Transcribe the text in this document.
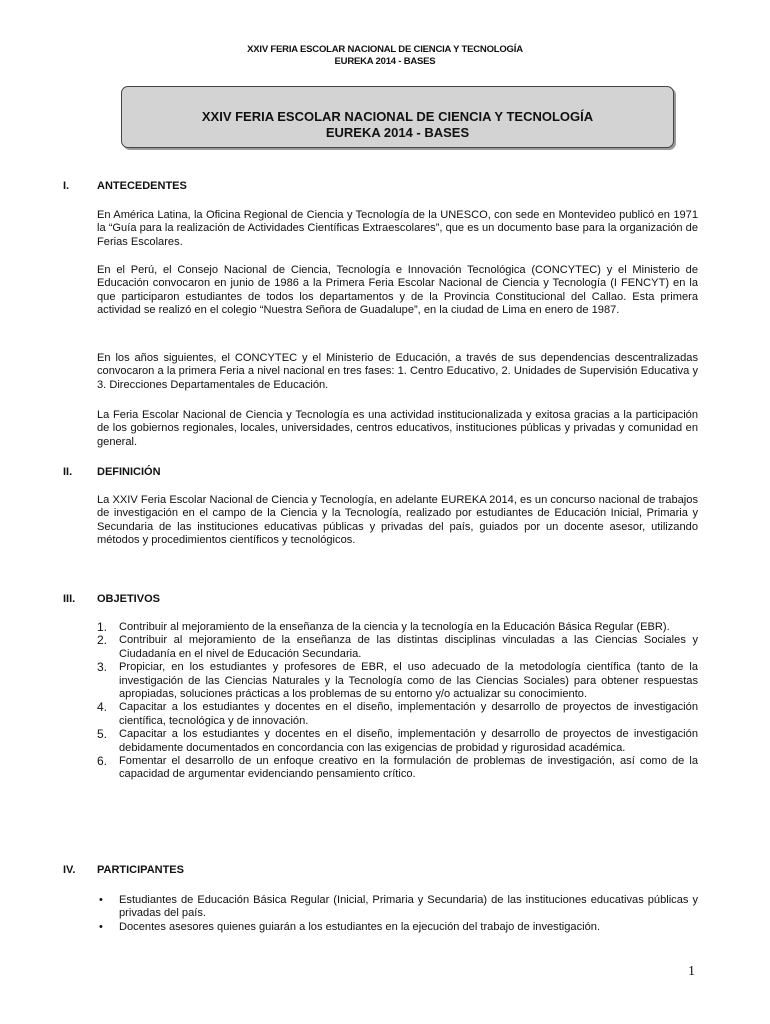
XXIV FERIA ESCOLAR NACIONAL DE CIENCIA Y TECNOLOGÍA
EUREKA 2014 - BASES
XXIV FERIA ESCOLAR NACIONAL DE CIENCIA Y TECNOLOGÍA
EUREKA 2014 - BASES
I.	ANTECEDENTES

En América Latina, la Oficina Regional de Ciencia y Tecnología de la UNESCO, con sede en Montevideo publicó en 1971 la “Guía para la realización de Actividades Científicas Extraescolares”, que es un documento base para la organización de Ferias Escolares.

En el Perú, el Consejo Nacional de Ciencia, Tecnología e Innovación Tecnológica (CONCYTEC) y el Ministerio de Educación convocaron en junio de 1986 a la Primera Feria Escolar Nacional de Ciencia y Tecnología (I FENCYT) en la que participaron estudiantes de todos los departamentos y de la Provincia Constitucional del Callao. Esta primera actividad se realizó en el colegio “Nuestra Señora de Guadalupe”, en la ciudad de Lima en enero de 1987.

En los años siguientes, el CONCYTEC y el Ministerio de Educación, a través de sus dependencias descentralizadas convocaron a la primera Feria a nivel nacional en tres fases: 1. Centro Educativo, 2. Unidades de Supervisión Educativa y 3. Direcciones Departamentales de Educación.

La Feria Escolar Nacional de Ciencia y Tecnología es una actividad institucionalizada y exitosa gracias a la participación de los gobiernos regionales, locales, universidades, centros educativos, instituciones públicas y privadas y comunidad en general.

II. DEFINICIÓN

La XXIV Feria Escolar Nacional de Ciencia y Tecnología, en adelante EUREKA 2014, es un concurso nacional de trabajos de investigación en el campo de la Ciencia y la Tecnología, realizado por estudiantes de Educación Inicial, Primaria y Secundaria de las instituciones educativas públicas y privadas del país, guiados por un docente asesor, utilizando métodos y procedimientos científicos y tecnológicos.

III. OBJETIVOS
1. Contribuir al mejoramiento de la enseñanza de la ciencia y la tecnología en la Educación Básica Regular (EBR).
2. Contribuir al mejoramiento de la enseñanza de las distintas disciplinas vinculadas a las Ciencias Sociales y Ciudadanía en el nivel de Educación Secundaria.
3. Propiciar, en los estudiantes y profesores de EBR, el uso adecuado de la metodología científica (tanto de la investigación de las Ciencias Naturales y la Tecnología como de las Ciencias Sociales) para obtener respuestas apropiadas, soluciones prácticas a los problemas de su entorno y/o actualizar su conocimiento.
4. Capacitar a los estudiantes y docentes en el diseño, implementación y desarrollo de proyectos de investigación científica, tecnológica y de innovación.
5. Capacitar a los estudiantes y docentes en el diseño, implementación y desarrollo de proyectos de investigación debidamente documentados en concordancia con las exigencias de probidad y rigurosidad académica.
6. Fomentar el desarrollo de un enfoque creativo en la formulación de problemas de investigación, así como de la capacidad de argumentar evidenciando pensamiento crítico.
IV. PARTICIPANTES
• Estudiantes de Educación Básica Regular (Inicial, Primaria y Secundaria) de las instituciones educativas públicas y privadas del país.
• Docentes asesores quienes guiarán a los estudiantes en la ejecución del trabajo de investigación.
1
